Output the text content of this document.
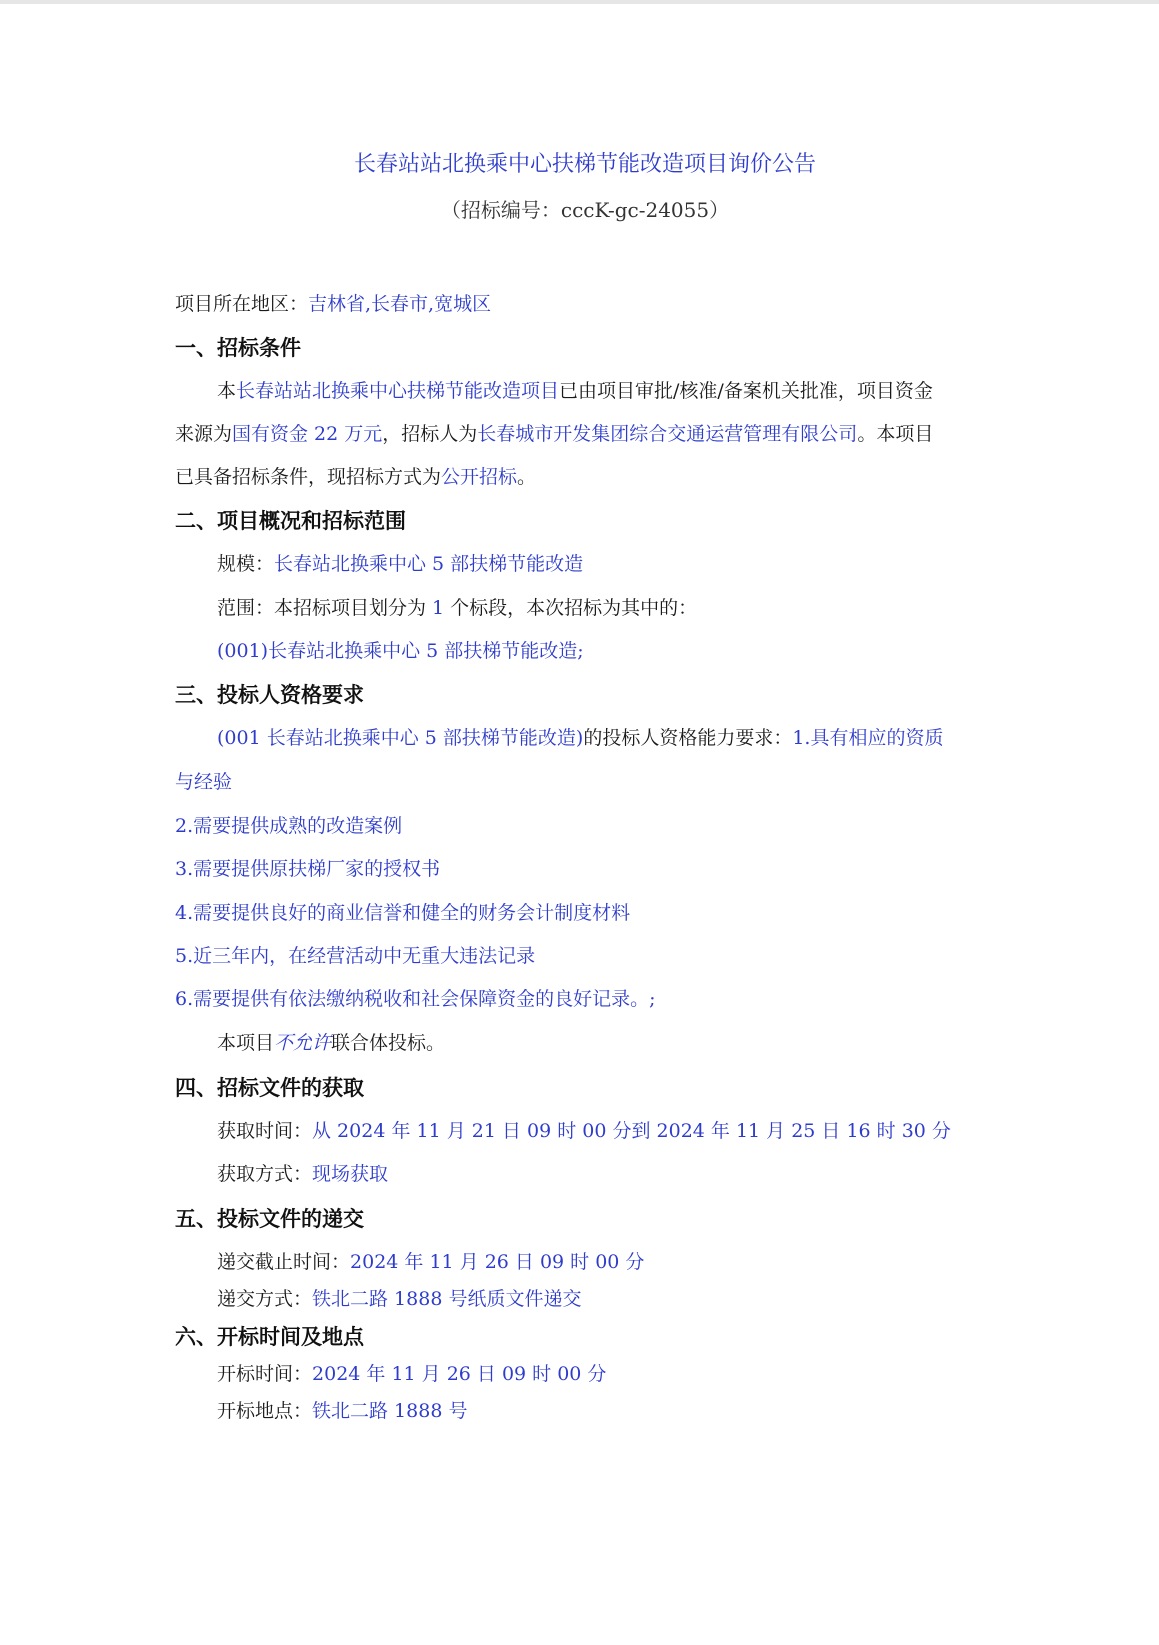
长春站站北换乘中心扶梯节能改造项目询价公告
（招标编号：cccK-gc-24055）
项目所在地区：吉林省,长春市,宽城区
一、招标条件
本长春站站北换乘中心扶梯节能改造项目已由项目审批/核准/备案机关批准，项目资金
来源为国有资金 22 万元，招标人为长春城市开发集团综合交通运营管理有限公司。本项目
已具备招标条件，现招标方式为公开招标。
二、项目概况和招标范围
规模：长春站北换乘中心 5 部扶梯节能改造
范围：本招标项目划分为 1 个标段，本次招标为其中的：
(001)长春站北换乘中心 5 部扶梯节能改造;
三、投标人资格要求
(001 长春站北换乘中心 5 部扶梯节能改造)的投标人资格能力要求：1.具有相应的资质
与经验
2.需要提供成熟的改造案例
3.需要提供原扶梯厂家的授权书
4.需要提供良好的商业信誉和健全的财务会计制度材料
5.近三年内，在经营活动中无重大违法记录
6.需要提供有依法缴纳税收和社会保障资金的良好记录。;
本项目不允许联合体投标。
四、招标文件的获取
获取时间：从 2024 年 11 月 21 日 09 时 00 分到 2024 年 11 月 25 日 16 时 30 分
获取方式：现场获取
五、投标文件的递交
递交截止时间：2024 年 11 月 26 日 09 时 00 分
递交方式：铁北二路 1888 号纸质文件递交
六、开标时间及地点
开标时间：2024 年 11 月 26 日 09 时 00 分
开标地点：铁北二路 1888 号
